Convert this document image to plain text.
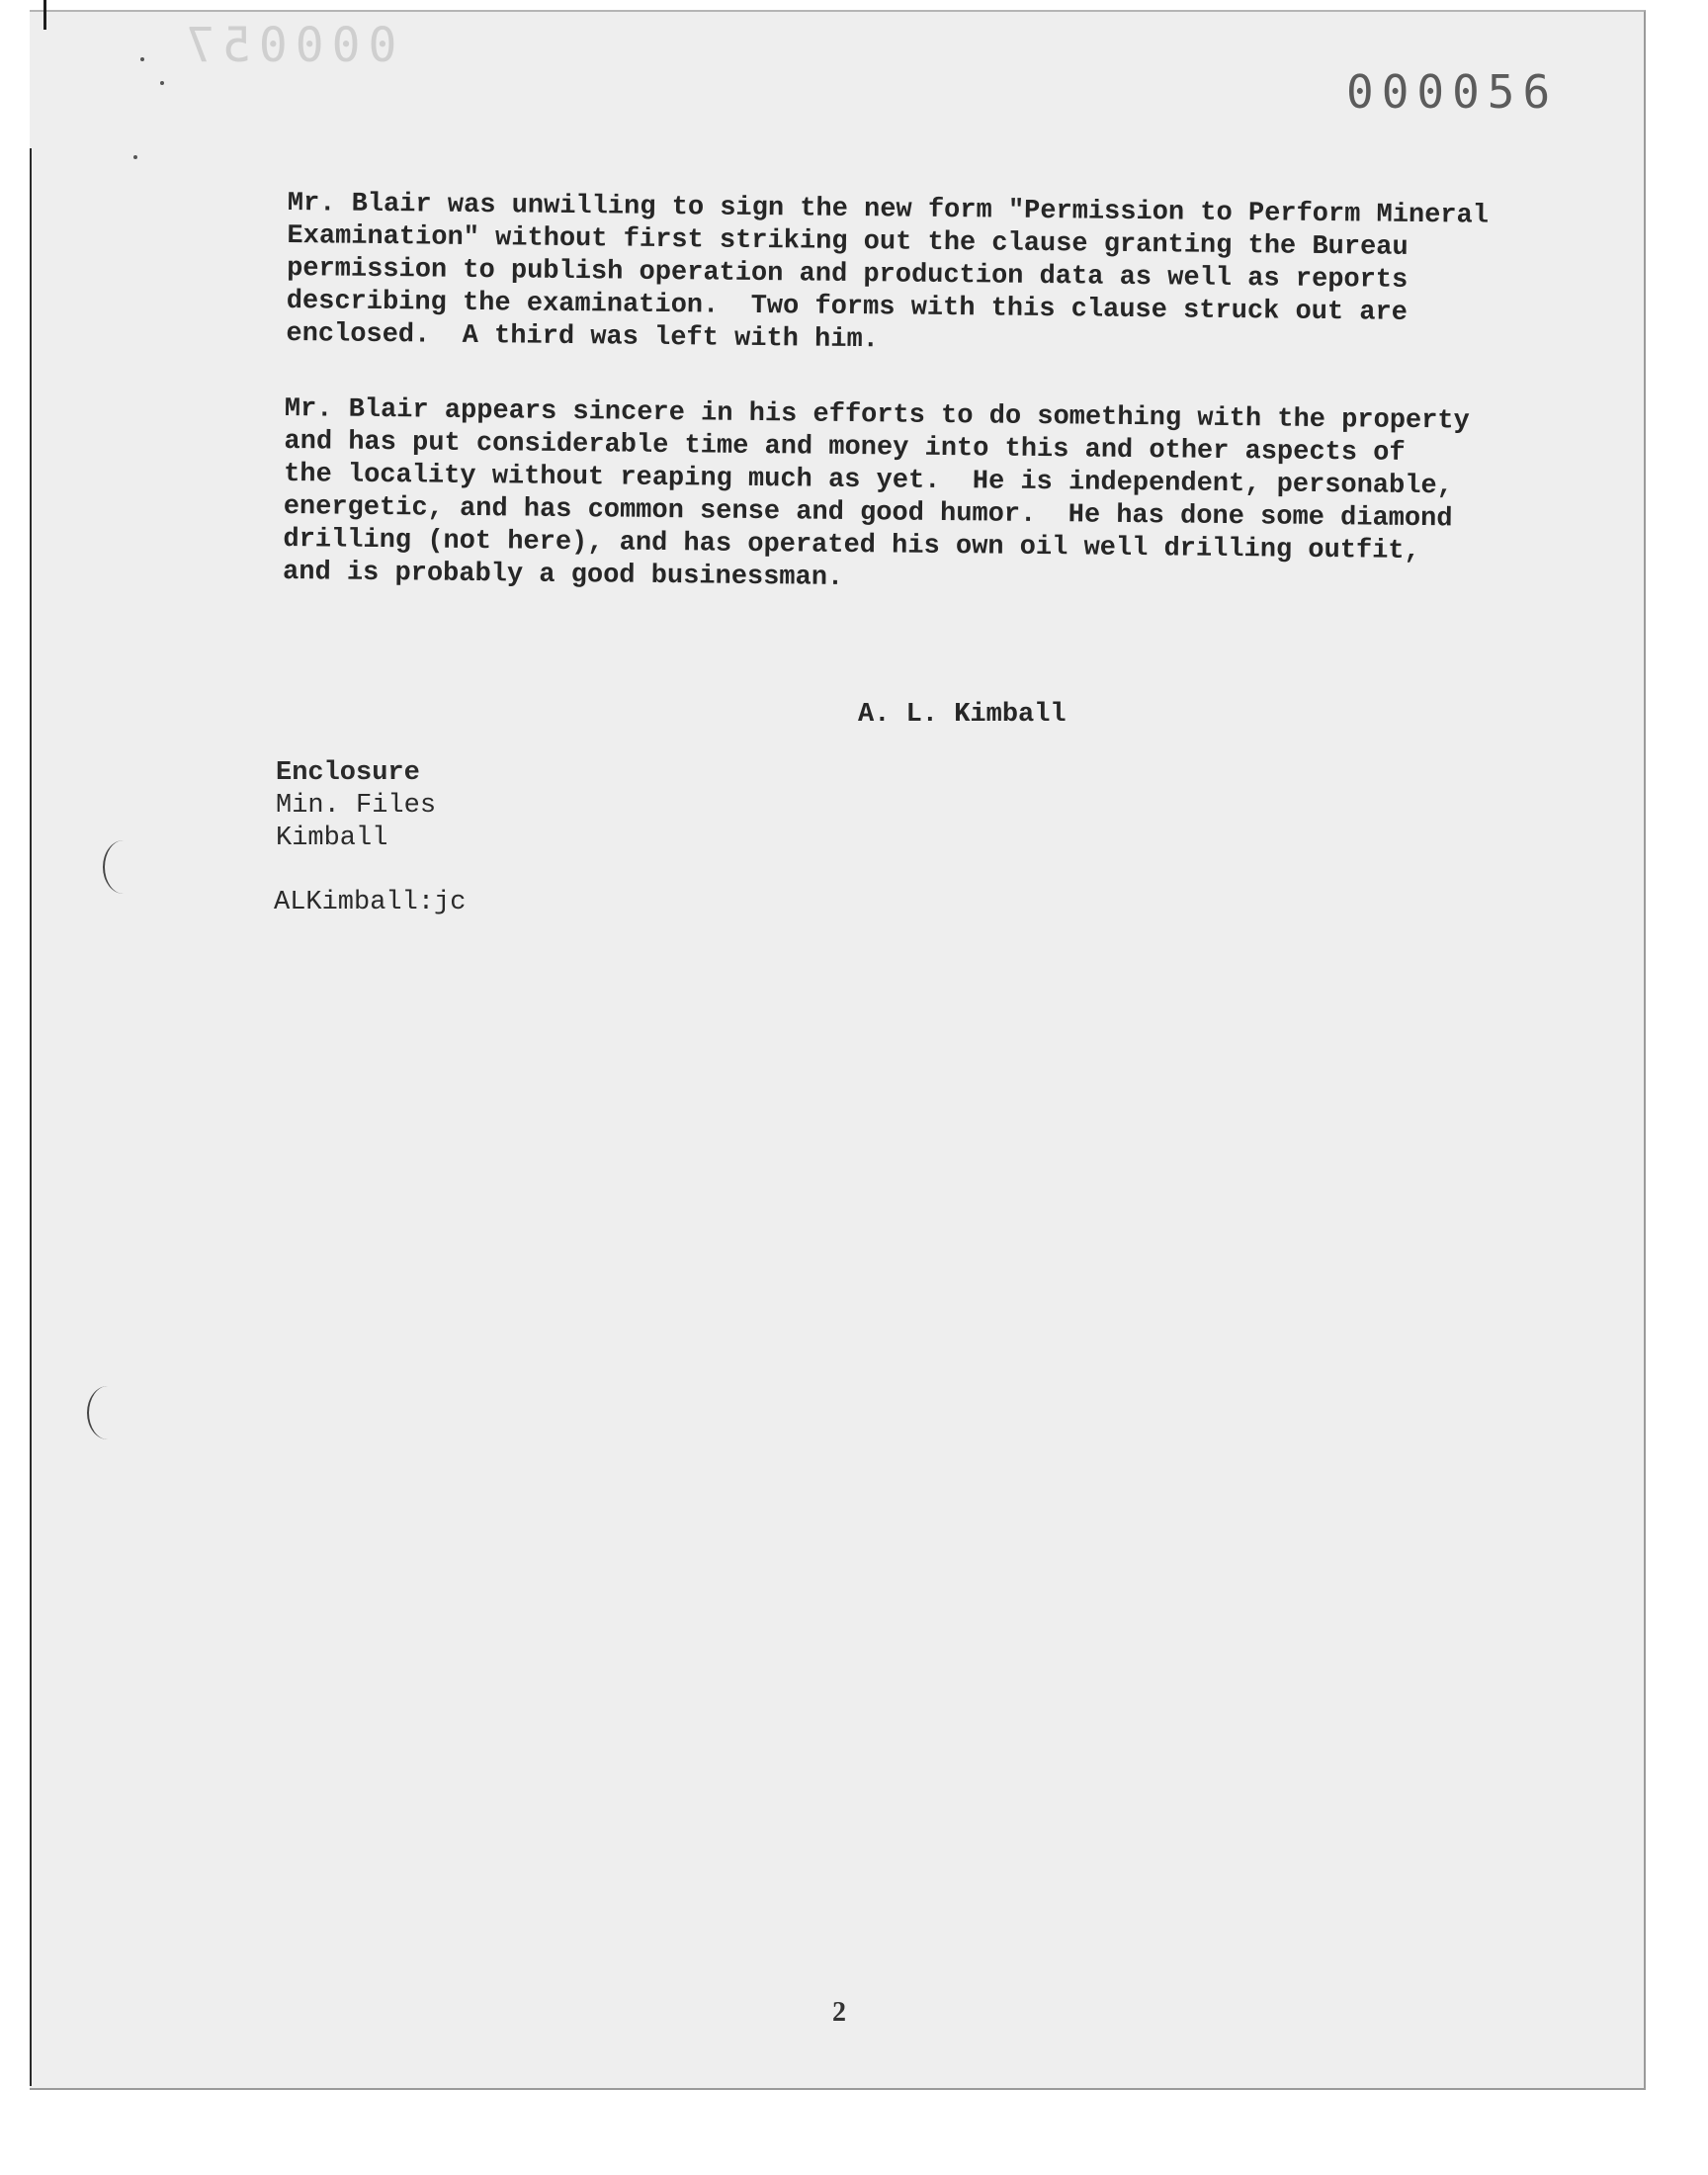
000057
000056

Mr. Blair was unwilling to sign the new form "Permission to Perform Mineral
Examination" without first striking out the clause granting the Bureau
permission to publish operation and production data as well as reports
describing the examination.  Two forms with this clause struck out are
enclosed.  A third was left with him.

Mr. Blair appears sincere in his efforts to do something with the property
and has put considerable time and money into this and other aspects of
the locality without reaping much as yet.  He is independent, personable,
energetic, and has common sense and good humor.  He has done some diamond
drilling (not here), and has operated his own oil well drilling outfit,
and is probably a good businessman.

A. L. Kimball
Enclosure
Min. Files
Kimball
ALKimball:jc
2
